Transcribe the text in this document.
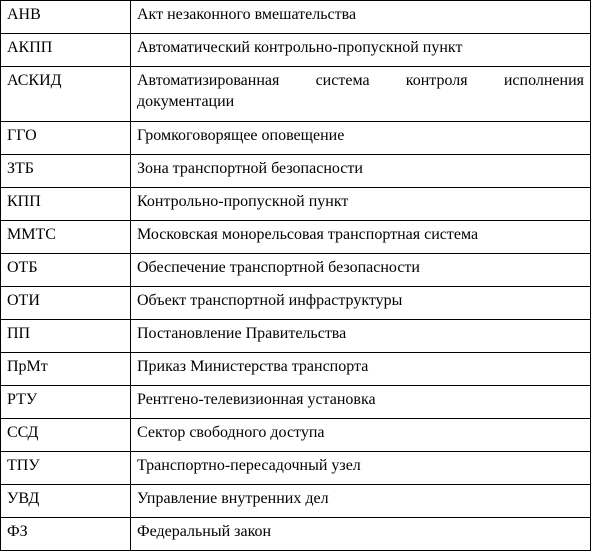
АНВ	Акт незаконного вмешательства
АКПП	Автоматический контрольно-пропускной пункт
АСКИД	Автоматизированная система контроля исполнения документации
ГГО	Громкоговорящее оповещение
ЗТБ	Зона транспортной безопасности
КПП	Контрольно-пропускной пункт
ММТС	Московская монорельсовая транспортная система
ОТБ	Обеспечение транспортной безопасности
ОТИ	Объект транспортной инфраструктуры
ПП	Постановление Правительства
ПрМт	Приказ Министерства транспорта
РТУ	Рентгено-телевизионная установка
ССД	Сектор свободного доступа
ТПУ	Транспортно-пересадочный узел
УВД	Управление внутренних дел
ФЗ	Федеральный закон
